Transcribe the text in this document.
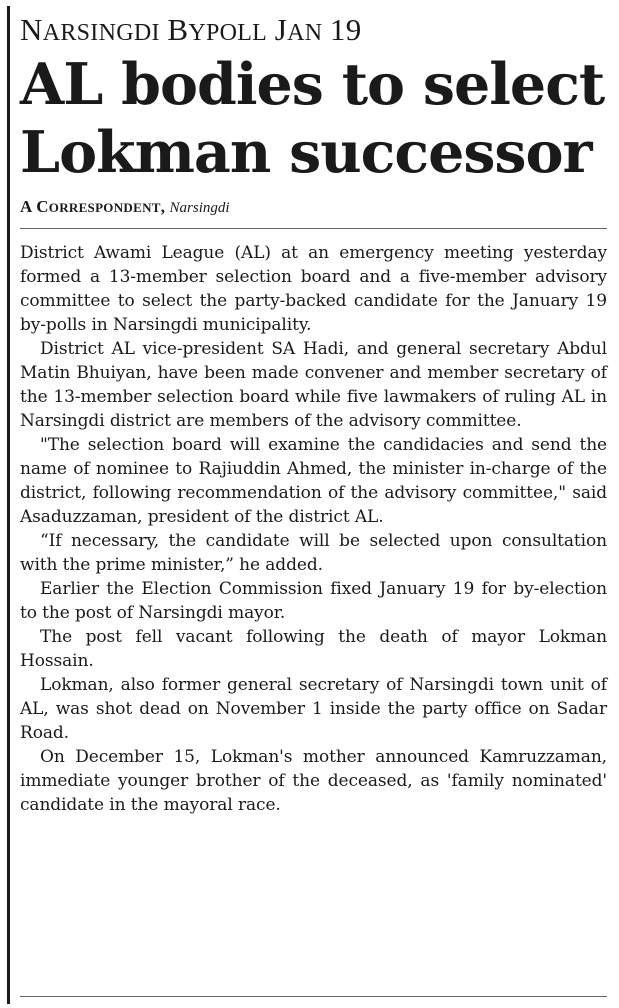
NARSINGDI BYPOLL JAN 19
AL bodies to select Lokman successor
A CORRESPONDENT, Narsingdi

District Awami League (AL) at an emergency meeting yesterday formed a 13-member selection board and a five-member advisory committee to select the party-backed candidate for the January 19 by-polls in Narsingdi municipality.

District AL vice-president SA Hadi, and general secretary Abdul Matin Bhuiyan, have been made convener and member secretary of the 13-member selection board while five lawmakers of ruling AL in Narsingdi district are members of the advisory committee.

"The selection board will examine the candidacies and send the name of nominee to Rajiuddin Ahmed, the minister in-charge of the district, following recommendation of the advisory committee," said Asaduzzaman, president of the district AL.

“If necessary, the candidate will be selected upon consultation with the prime minister,” he added.

Earlier the Election Commission fixed January 19 for by-election to the post of Narsingdi mayor.

The post fell vacant following the death of mayor Lokman Hossain.

Lokman, also former general secretary of Narsingdi town unit of AL, was shot dead on November 1 inside the party office on Sadar Road.

On December 15, Lokman's mother announced Kamruzzaman, immediate younger brother of the deceased, as 'family nominated' candidate in the mayoral race.
